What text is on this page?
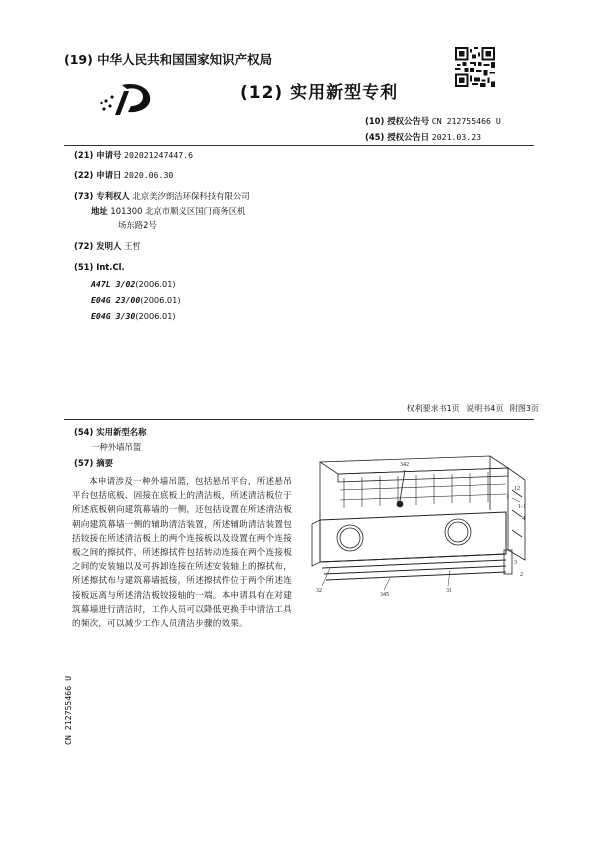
(19) 中华人民共和国国家知识产权局
(12) 实用新型专利
(10) 授权公告号 CN 212755466 U
(45) 授权公告日 2021.03.23
(21) 申请号 202021247447.6
(22) 申请日 2020.06.30
(73) 专利权人 北京美汐朗洁环保科技有限公司
地址 101300 北京市顺义区国门商务区机
场东路2号
(72) 发明人 王哲
(51) Int.Cl.
A47L 3/02(2006.01)
E04G 23/00(2006.01)
E04G 3/30(2006.01)
权利要求书1页 说明书4页 附图3页
(54) 实用新型名称
一种外墙吊篮
(57) 摘要
本申请涉及一种外墙吊篮，包括悬吊平台，所述悬吊平台包括底板、固接在底板上的清洁板，所述清洁板位于所述底板朝向建筑幕墙的一侧，还包括设置在所述清洁板朝向建筑幕墙一侧的辅助清洁装置，所述辅助清洁装置包括铰接在所述清洁板上的两个连接板以及设置在两个连接板之间的擦拭件，所述擦拭件包括转动连接在两个连接板之间的安装轴以及可拆卸连接在所述安装轴上的擦拭布，所述擦拭布与建筑幕墙抵接，所述擦拭件位于两个所述连接板远离与所述清洁板铰接轴的一端。本申请具有在对建筑幕墙进行清洁时，工作人员可以降低更换手中清洁工具的频次，可以减少工作人员清洁步骤的效果。
342
1
12
1-1
4
32
345
31
3
2
CN 212755466 U
